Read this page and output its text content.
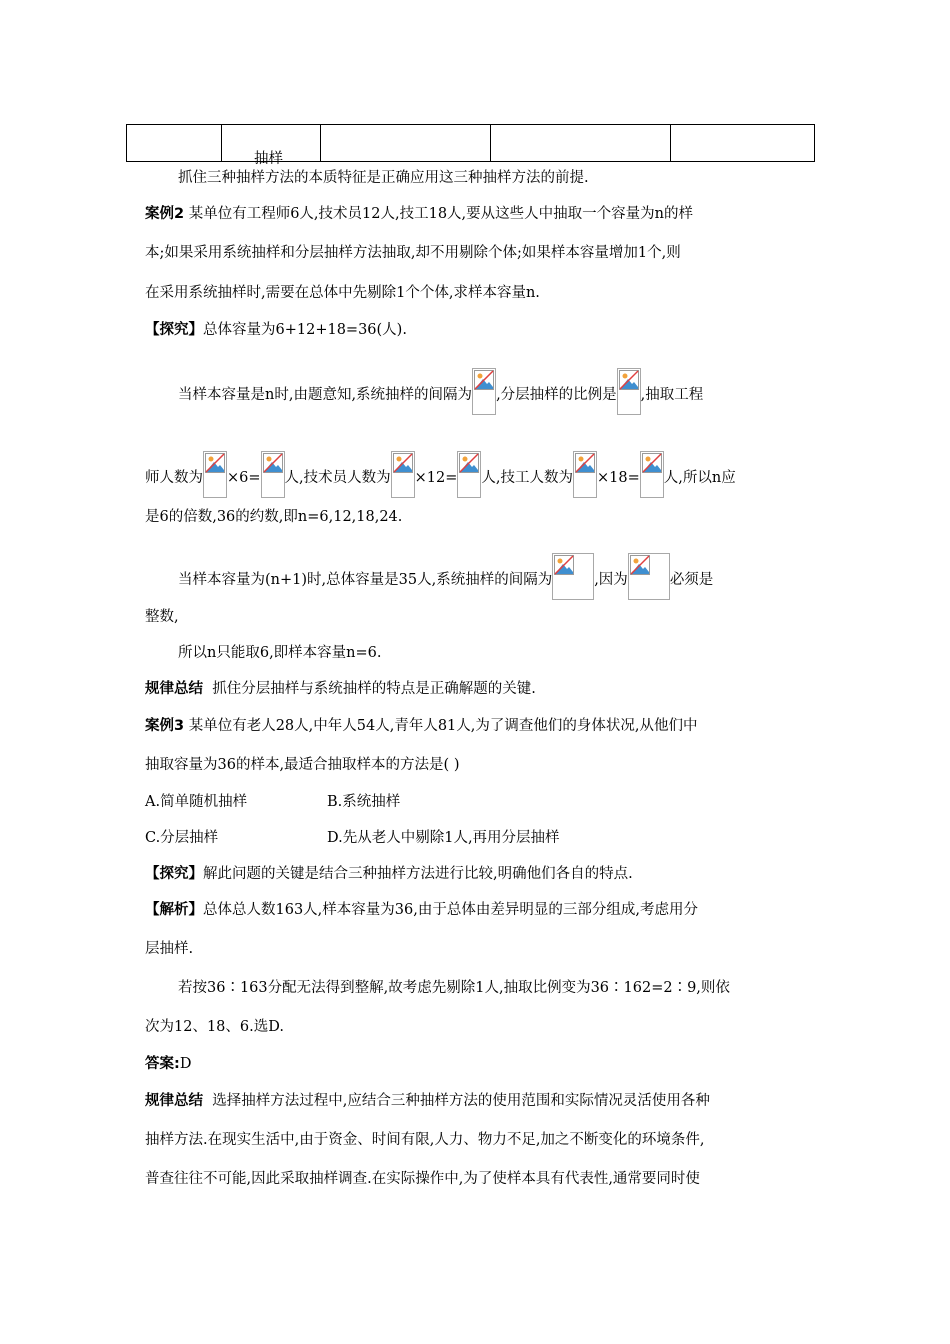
抽样
抓住三种抽样方法的本质特征是正确应用这三种抽样方法的前提.
案例2 某单位有工程师6人,技术员12人,技工18人,要从这些人中抽取一个容量为n的样
本;如果采用系统抽样和分层抽样方法抽取,却不用剔除个体;如果样本容量增加1个,则
在采用系统抽样时,需要在总体中先剔除1个个体,求样本容量n.
【探究】总体容量为6+12+18=36(人).
当样本容量是n时,由题意知,系统抽样的间隔为 ,分层抽样的比例是 ,抽取工程
师人数为 ×6= 人,技术员人数为 ×12= 人,技工人数为 ×18= 人,所以n应
是6的倍数,36的约数,即n=6,12,18,24.
当样本容量为(n+1)时,总体容量是35人,系统抽样的间隔为	,因为	必须是
整数,
所以n只能取6,即样本容量n=6.
规律总结 抓住分层抽样与系统抽样的特点是正确解题的关键.
案例3 某单位有老人28人,中年人54人,青年人81人,为了调查他们的身体状况,从他们中
抽取容量为36的样本,最适合抽取样本的方法是( )
A.简单随机抽样	B.系统抽样
C.分层抽样	D.先从老人中剔除1人,再用分层抽样
【探究】解此问题的关键是结合三种抽样方法进行比较,明确他们各自的特点.
【解析】总体总人数163人,样本容量为36,由于总体由差异明显的三部分组成,考虑用分
层抽样.
若按36∶163分配无法得到整解,故考虑先剔除1人,抽取比例变为36∶162=2∶9,则依
次为12、18、6.选D.
答案:D
规律总结 选择抽样方法过程中,应结合三种抽样方法的使用范围和实际情况灵活使用各种
抽样方法.在现实生活中,由于资金、时间有限,人力、物力不足,加之不断变化的环境条件,
普查往往不可能,因此采取抽样调查.在实际操作中,为了使样本具有代表性,通常要同时使
